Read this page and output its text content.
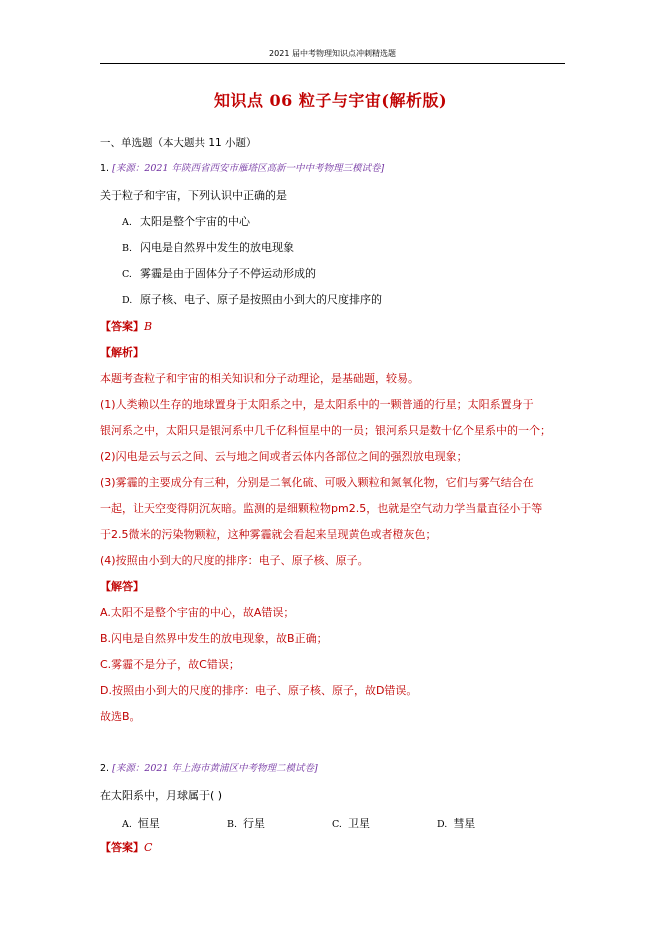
2021 届中考物理知识点冲刺精选题
知识点 06 粒子与宇宙(解析版)
一、单选题（本大题共 11 小题）
1. [来源：2021 年陕西省西安市雁塔区高新一中中考物理三模试卷]
关于粒子和宇宙，下列认识中正确的是
A. 太阳是整个宇宙的中心
B. 闪电是自然界中发生的放电现象
C. 雾霾是由于固体分子不停运动形成的
D. 原子核、电子、原子是按照由小到大的尺度排序的
【答案】B
【解析】
本题考查粒子和宇宙的相关知识和分子动理论，是基础题，较易。
(1)人类赖以生存的地球置身于太阳系之中，是太阳系中的一颗普通的行星；太阳系置身于
银河系之中，太阳只是银河系中几千亿科恒星中的一员；银河系只是数十亿个星系中的一个；
(2)闪电是云与云之间、云与地之间或者云体内各部位之间的强烈放电现象；
(3)雾霾的主要成分有三种，分别是二氧化硫、可吸入颗粒和氮氧化物，它们与雾气结合在
一起，让天空变得阴沉灰暗。监测的是细颗粒物pm2.5，也就是空气动力学当量直径小于等
于2.5微米的污染物颗粒，这种雾霾就会看起来呈现黄色或者橙灰色；
(4)按照由小到大的尺度的排序：电子、原子核、原子。
【解答】
A.太阳不是整个宇宙的中心，故A错误；
B.闪电是自然界中发生的放电现象，故B正确；
C.雾霾不是分子，故C错误；
D.按照由小到大的尺度的排序：电子、原子核、原子，故D错误。
故选B。
2. [来源：2021 年上海市黄浦区中考物理二模试卷]
在太阳系中，月球属于( )
A. 恒星	B. 行星	C. 卫星	D. 彗星
【答案】C
